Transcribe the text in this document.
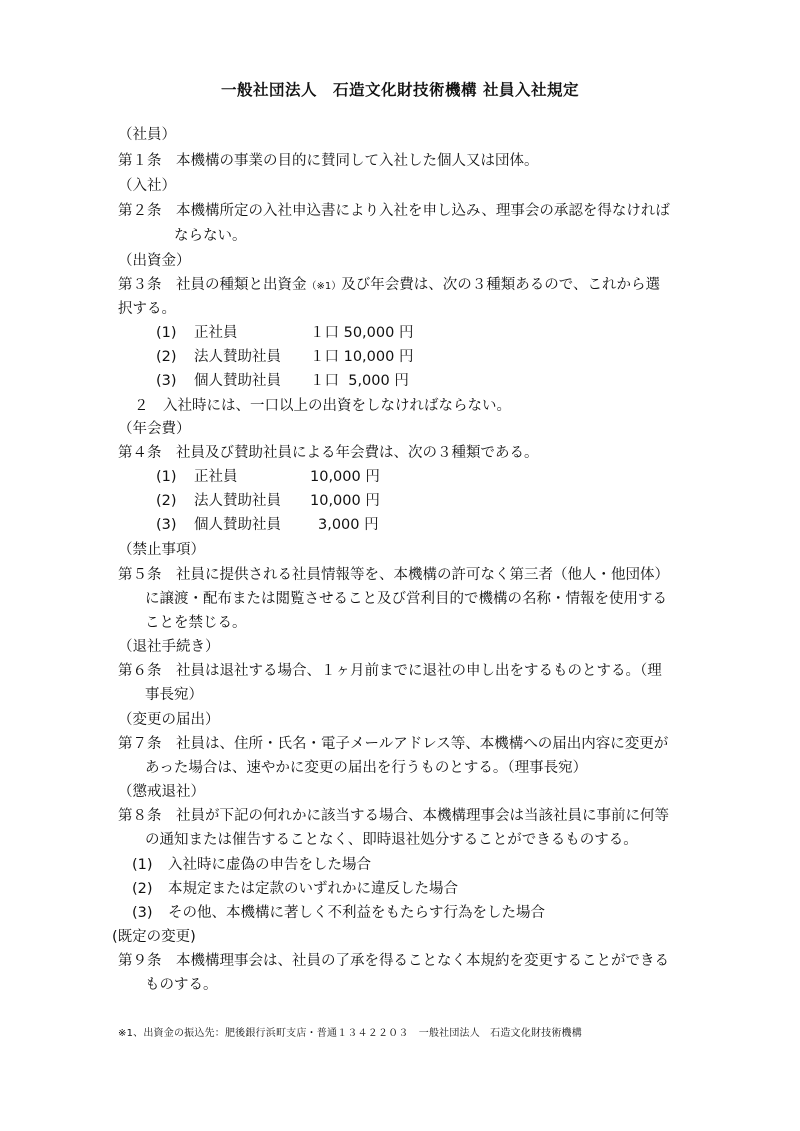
一般社団法人　石造文化財技術機構 社員入社規定
（社員）
第１条　本機構の事業の目的に賛同して入社した個人又は団体。
（入社）
第２条　本機構所定の入社申込書により入社を申し込み、理事会の承認を得なければ
ならない。
（出資金）
第３条　社員の種類と出資金（※1）及び年会費は、次の３種類あるので、これから選
択する。
(1) 正社員	１口 50,000 円
(2) 法人賛助社員 １口 10,000 円
(3) 個人賛助社員 １口  5,000 円
２　入社時には、一口以上の出資をしなければならない。
（年会費）
第４条　社員及び賛助社員による年会費は、次の３種類である。
(1) 正社員	10,000 円
(2) 法人賛助社員 10,000 円
(3) 個人賛助社員	3,000 円
（禁止事項）
第５条　社員に提供される社員情報等を、本機構の許可なく第三者（他人・他団体）
に譲渡・配布または閲覧させること及び営利目的で機構の名称・情報を使用する
ことを禁じる。
（退社手続き）
第６条　社員は退社する場合、１ヶ月前までに退社の申し出をするものとする。（理
事長宛）
（変更の届出）
第７条　社員は、住所・氏名・電子メールアドレス等、本機構への届出内容に変更が
あった場合は、速やかに変更の届出を行うものとする。（理事長宛）
（懲戒退社）
第８条　社員が下記の何れかに該当する場合、本機構理事会は当該社員に事前に何等
の通知または催告することなく、即時退社処分することができるものする。
(1) 入社時に虚偽の申告をした場合
(2) 本規定または定款のいずれかに違反した場合
(3) その他、本機構に著しく不利益をもたらす行為をした場合
(既定の変更)
第９条　本機構理事会は、社員の了承を得ることなく本規約を変更することができる
ものする。
※1、出資金の振込先：肥後銀行浜町支店・普通１３４２２０３　一般社団法人　石造文化財技術機構
